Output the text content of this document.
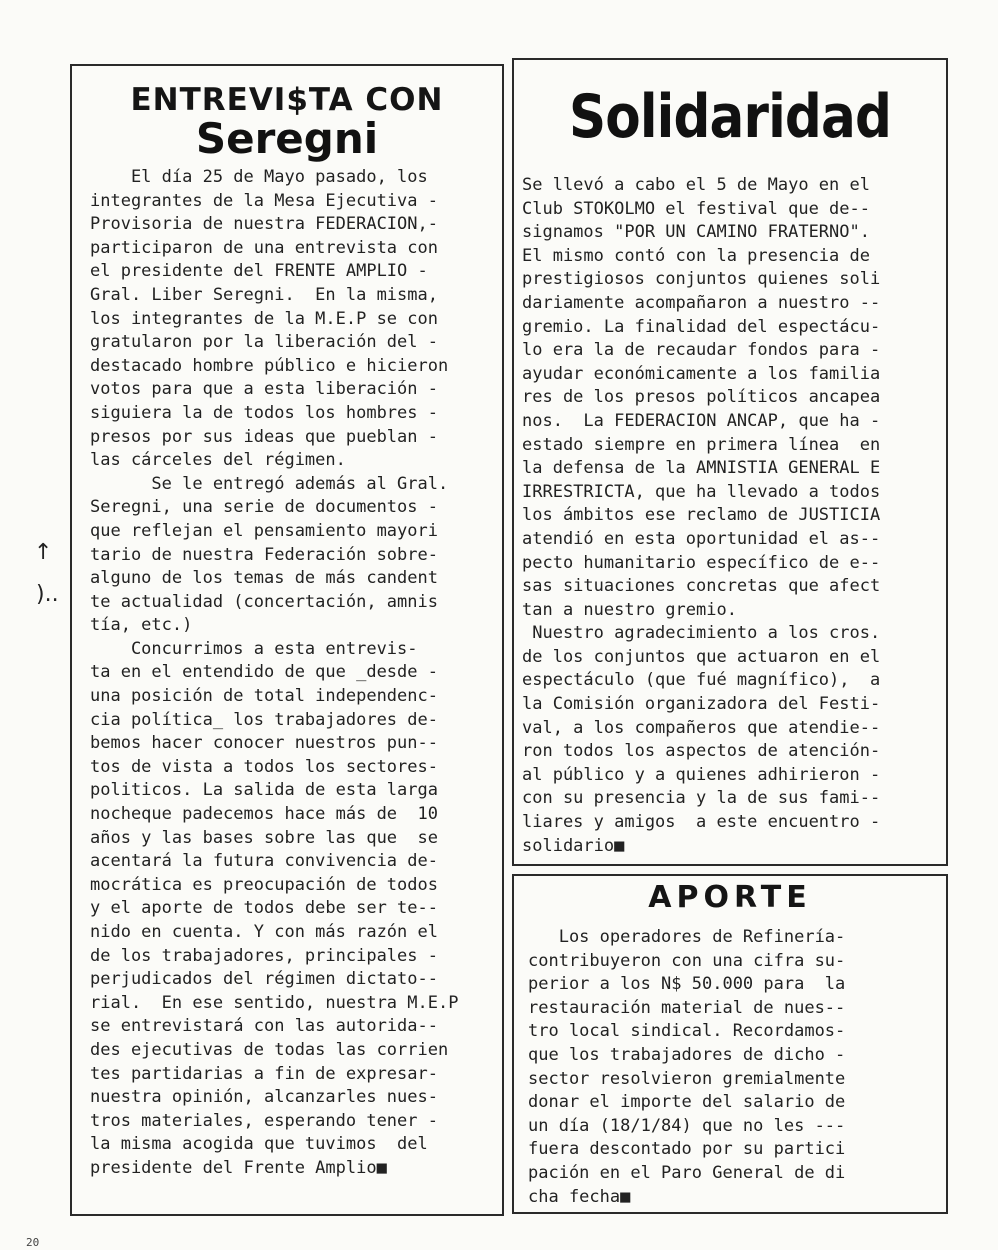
↑
)..
ENTREVI$TA CON
Seregni
El día 25 de Mayo pasado, los
integrantes de la Mesa Ejecutiva -
Provisoria de nuestra FEDERACION,-
participaron de una entrevista con
el presidente del FRENTE AMPLIO -
Gral. Liber Seregni.  En la misma,
los integrantes de la M.E.P se con
gratularon por la liberación del -
destacado hombre público e hicieron
votos para que a esta liberación -
siguiera la de todos los hombres -
presos por sus ideas que pueblan -
las cárceles del régimen.
Se le entregó además al Gral.
Seregni, una serie de documentos -
que reflejan el pensamiento mayori
tario de nuestra Federación sobre-
alguno de los temas de más candent
te actualidad (concertación, amnis
tía, etc.)
Concurrimos a esta entrevis-
ta en el entendido de que _desde -
una posición de total independenc-
cia política_ los trabajadores de-
bemos hacer conocer nuestros pun--
tos de vista a todos los sectores-
politicos. La salida de esta larga
nocheque padecemos hace más de  10
años y las bases sobre las que  se
acentará la futura convivencia de-
mocrática es preocupación de todos
y el aporte de todos debe ser te--
nido en cuenta. Y con más razón el
de los trabajadores, principales -
perjudicados del régimen dictato--
rial.  En ese sentido, nuestra M.E.P
se entrevistará con las autorida--
des ejecutivas de todas las corrien
tes partidarias a fin de expresar-
nuestra opinión, alcanzarles nues-
tros materiales, esperando tener -
la misma acogida que tuvimos  del
presidente del Frente Amplio■
Solidaridad
Se llevó a cabo el 5 de Mayo en el
Club STOKOLMO el festival que de--
signamos "POR UN CAMINO FRATERNO".
El mismo contó con la presencia de
prestigiosos conjuntos quienes soli
dariamente acompañaron a nuestro --
gremio. La finalidad del espectácu-
lo era la de recaudar fondos para -
ayudar económicamente a los familia
res de los presos políticos ancapea
nos.  La FEDERACION ANCAP, que ha -
estado siempre en primera línea  en
la defensa de la AMNISTIA GENERAL E
IRRESTRICTA, que ha llevado a todos
los ámbitos ese reclamo de JUSTICIA
atendió en esta oportunidad el as--
pecto humanitario específico de e--
sas situaciones concretas que afect
tan a nuestro gremio.
Nuestro agradecimiento a los cros.
de los conjuntos que actuaron en el
espectáculo (que fué magnífico),  a
la Comisión organizadora del Festi-
val, a los compañeros que atendie--
ron todos los aspectos de atención-
al público y a quienes adhirieron -
con su presencia y la de sus fami--
liares y amigos  a este encuentro -
solidario■
APORTE
Los operadores de Refinería-
contribuyeron con una cifra su-
perior a los N$ 50.000 para  la
restauración material de nues--
tro local sindical. Recordamos-
que los trabajadores de dicho -
sector resolvieron gremialmente
donar el importe del salario de
un día (18/1/84) que no les ---
fuera descontado por su partici
pación en el Paro General de di
cha fecha■
20
